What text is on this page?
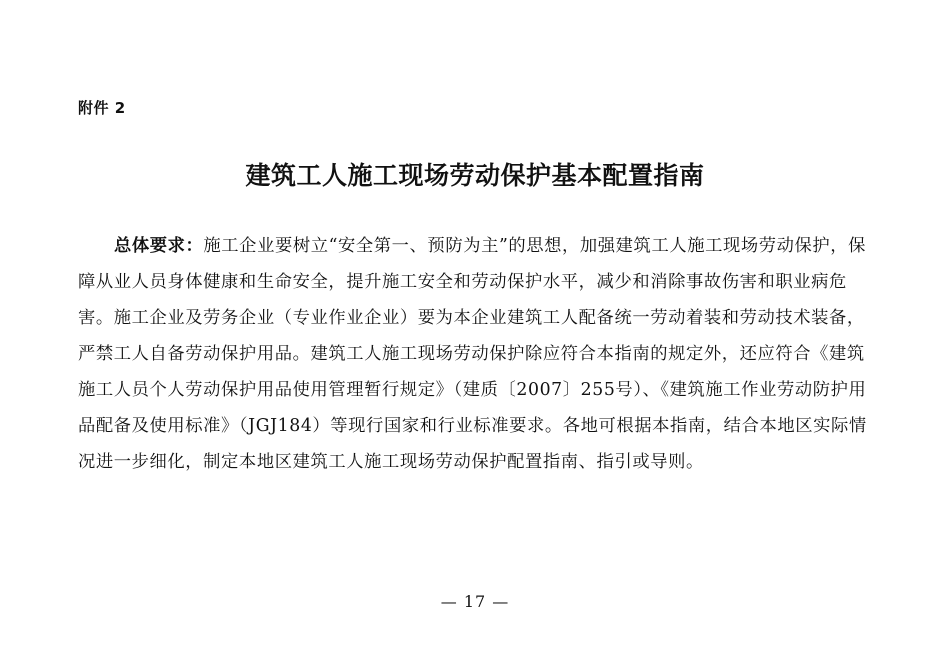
附件 2
建筑工人施工现场劳动保护基本配置指南

总体要求：施工企业要树立“安全第一、预防为主”的思想，加强建筑工人施工现场劳动保护，保障从业人员身体健康和生命安全，提升施工安全和劳动保护水平，减少和消除事故伤害和职业病危害。施工企业及劳务企业（专业作业企业）要为本企业建筑工人配备统一劳动着装和劳动技术装备，严禁工人自备劳动保护用品。建筑工人施工现场劳动保护除应符合本指南的规定外，还应符合《建筑施工人员个人劳动保护用品使用管理暂行规定》（建质〔2007〕255号）、《建筑施工作业劳动防护用品配备及使用标准》（JGJ184）等现行国家和行业标准要求。各地可根据本指南，结合本地区实际情况进一步细化，制定本地区建筑工人施工现场劳动保护配置指南、指引或导则。

— 17 —
